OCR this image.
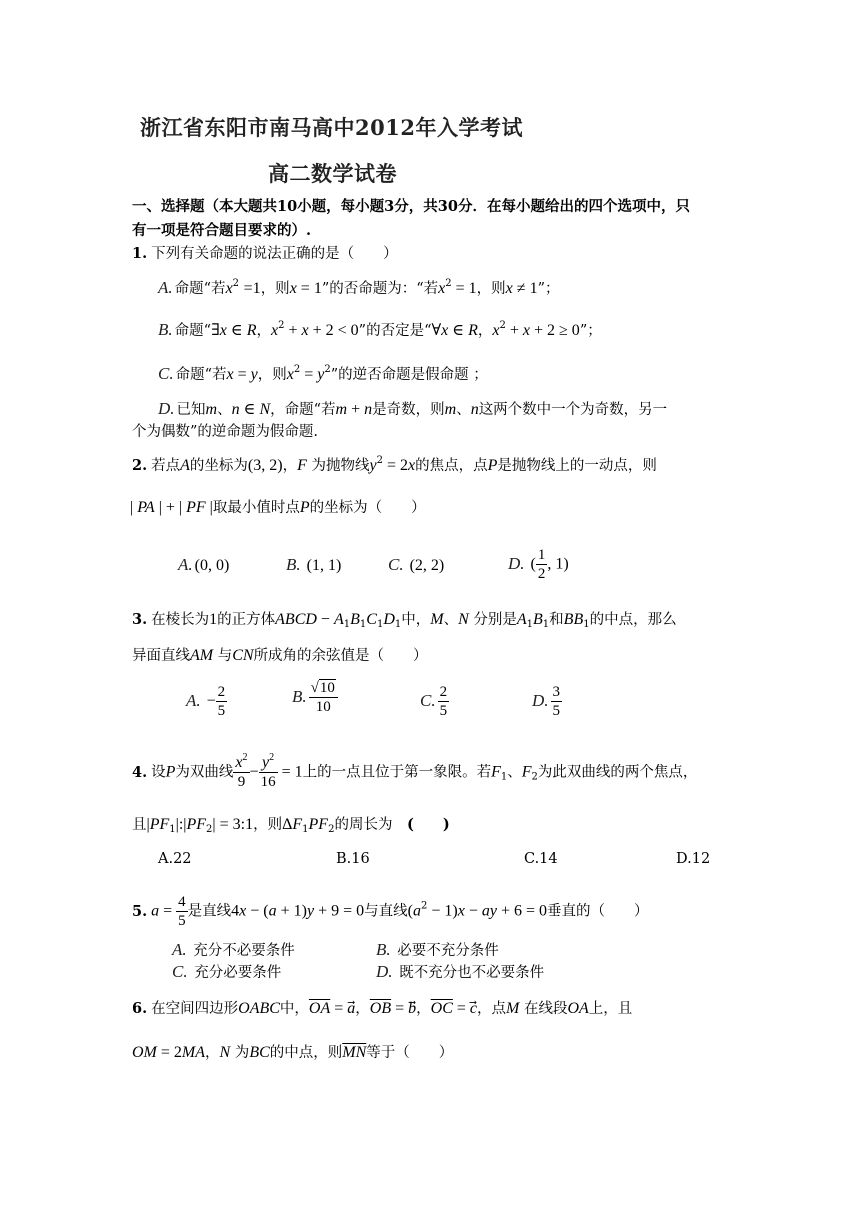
浙江省东阳市南马高中2012年入学考试
高二数学试卷
一、选择题（本大题共10小题，每小题3分，共30分．在每小题给出的四个选项中，只
有一项是符合题目要求的）.
1. 下列有关命题的说法正确的是（　　）
A. 命题“若$x^2 =1$，则x = 1”的否命题为：“若$x^2 = 1$，则x ≠ 1”；
B. 命题“∃x ∈ R，$x^2 + x + 2 < 0$”的否定是“∀x ∈ R，$x^2 + x + 2 \ge 0$”；
C. 命题“若x = y，则$x^2 = y^2$”的逆否命题是假命题 ；
D. 已知m、n ∈ N，命题“若m + n是奇数，则m、n这两个数中一个为奇数，另一
个为偶数”的逆命题为假命题.
2. 若点A的坐标为(3, 2)，F 为抛物线$y^2 = 2x$的焦点，点P是抛物线上的一动点，则
| PA | + | PF |取最小值时点P的坐标为（　　）
A. (0, 0)	B. (1, 1)	C. (2, 2)	D. ( $\frac{1}{2}$ , 1)
3. 在棱长为1的正方体ABCD − $A_1B_1C_1D_1$中，M、N 分别是$A_1B_1$和$BB_1$的中点，那么
异面直线AM 与CN所成角的余弦值是（　　）
A. − $\frac{2}{5}$	B. $\frac{√10}{10}$	C. $\frac{2}{5}$	D. $\frac{3}{5}$
4. 设P为双曲线 $\frac{x^2}{9} - \frac{y^2}{16} = 1$上的一点且位于第一象限。若$F_1$、$F_2$为此双曲线的两个焦点，
且$|PF_1|:|PF_2|$ = 3:1，则$\Delta F_1PF_2$的周长为　(　　)
A.22	B.16	C.14	D.12
5. $a = \frac{4}{5}$ 是直线4x − (a + 1)y + 9 = 0与直线$(a^2 - 1)x$ − ay + 6 = 0垂直的（　　）
A. 充分不必要条件	B. 必要不充分条件
C. 充分必要条件	D. 既不充分也不必要条件
6. 在空间四边形OABC中，$\overline{OA} = a$，$\overline{OB} = b$，$\overline{OC} = c$，点M 在线段OA上，且
OM = 2MA，N 为BC的中点，则$\overline{MN}$等于（　　）
